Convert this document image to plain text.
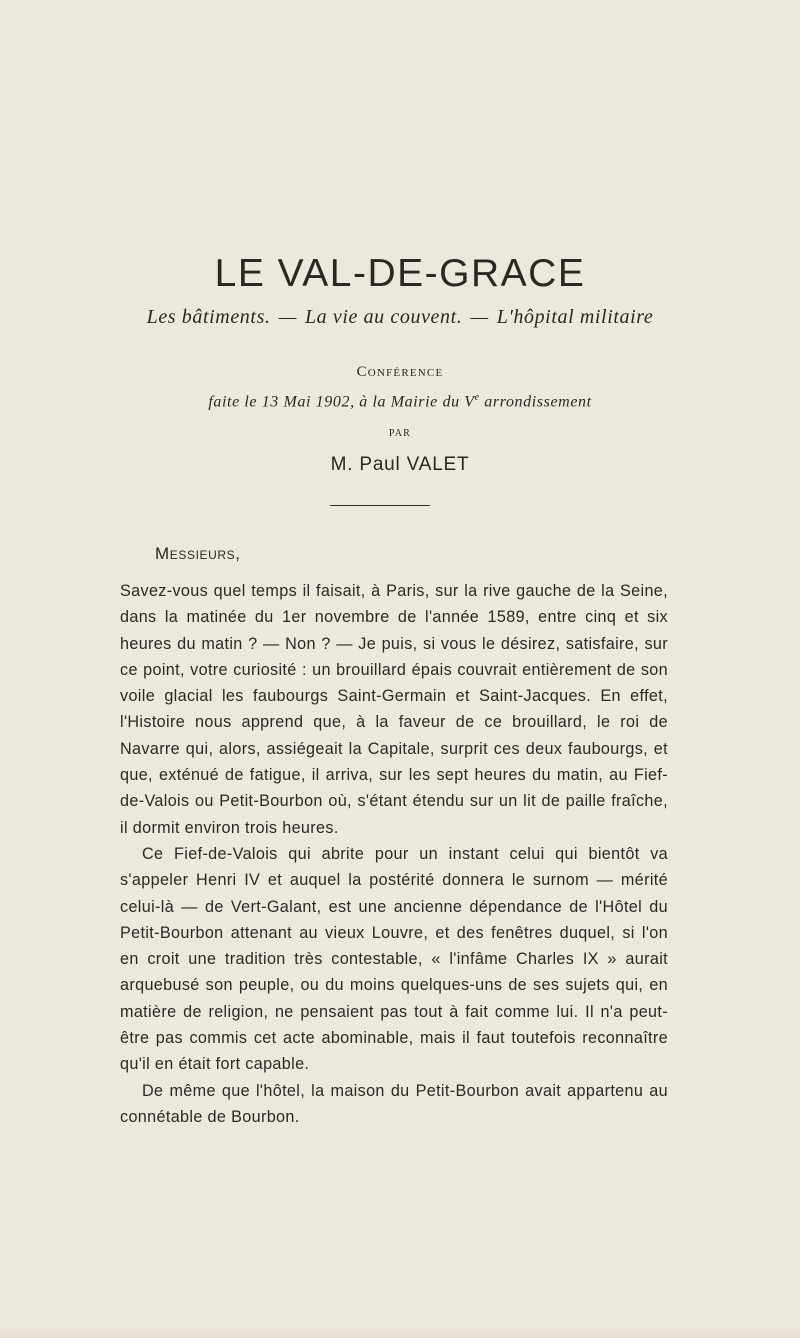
LE VAL-DE-GRACE
Les bâtiments. — La vie au couvent. — L'hôpital militaire
Conférence
faite le 13 Mai 1902, à la Mairie du Ve arrondissement
PAR
M. Paul VALET
Messieurs,

Savez-vous quel temps il faisait, à Paris, sur la rive gauche de la Seine, dans la matinée du 1er novembre de l'année 1589, entre cinq et six heures du matin ? — Non ? — Je puis, si vous le désirez, satisfaire, sur ce point, votre curiosité : un brouillard épais couvrait entièrement de son voile glacial les faubourgs Saint-Germain et Saint-Jacques. En effet, l'Histoire nous apprend que, à la faveur de ce brouillard, le roi de Navarre qui, alors, assiégeait la Capitale, surprit ces deux faubourgs, et que, exténué de fatigue, il arriva, sur les sept heures du matin, au Fief-de-Valois ou Petit-Bourbon où, s'étant étendu sur un lit de paille fraîche, il dormit environ trois heures.

Ce Fief-de-Valois qui abrite pour un instant celui qui bientôt va s'appeler Henri IV et auquel la postérité donnera le surnom — mérité celui-là — de Vert-Galant, est une ancienne dépendance de l'Hôtel du Petit-Bourbon attenant au vieux Louvre, et des fenêtres duquel, si l'on en croit une tradition très contestable, « l'infâme Charles IX » aurait arquebusé son peuple, ou du moins quelques-uns de ses sujets qui, en matière de religion, ne pensaient pas tout à fait comme lui. Il n'a peut-être pas commis cet acte abominable, mais il faut toutefois reconnaître qu'il en était fort capable.

De même que l'hôtel, la maison du Petit-Bourbon avait appartenu au connétable de Bourbon.
